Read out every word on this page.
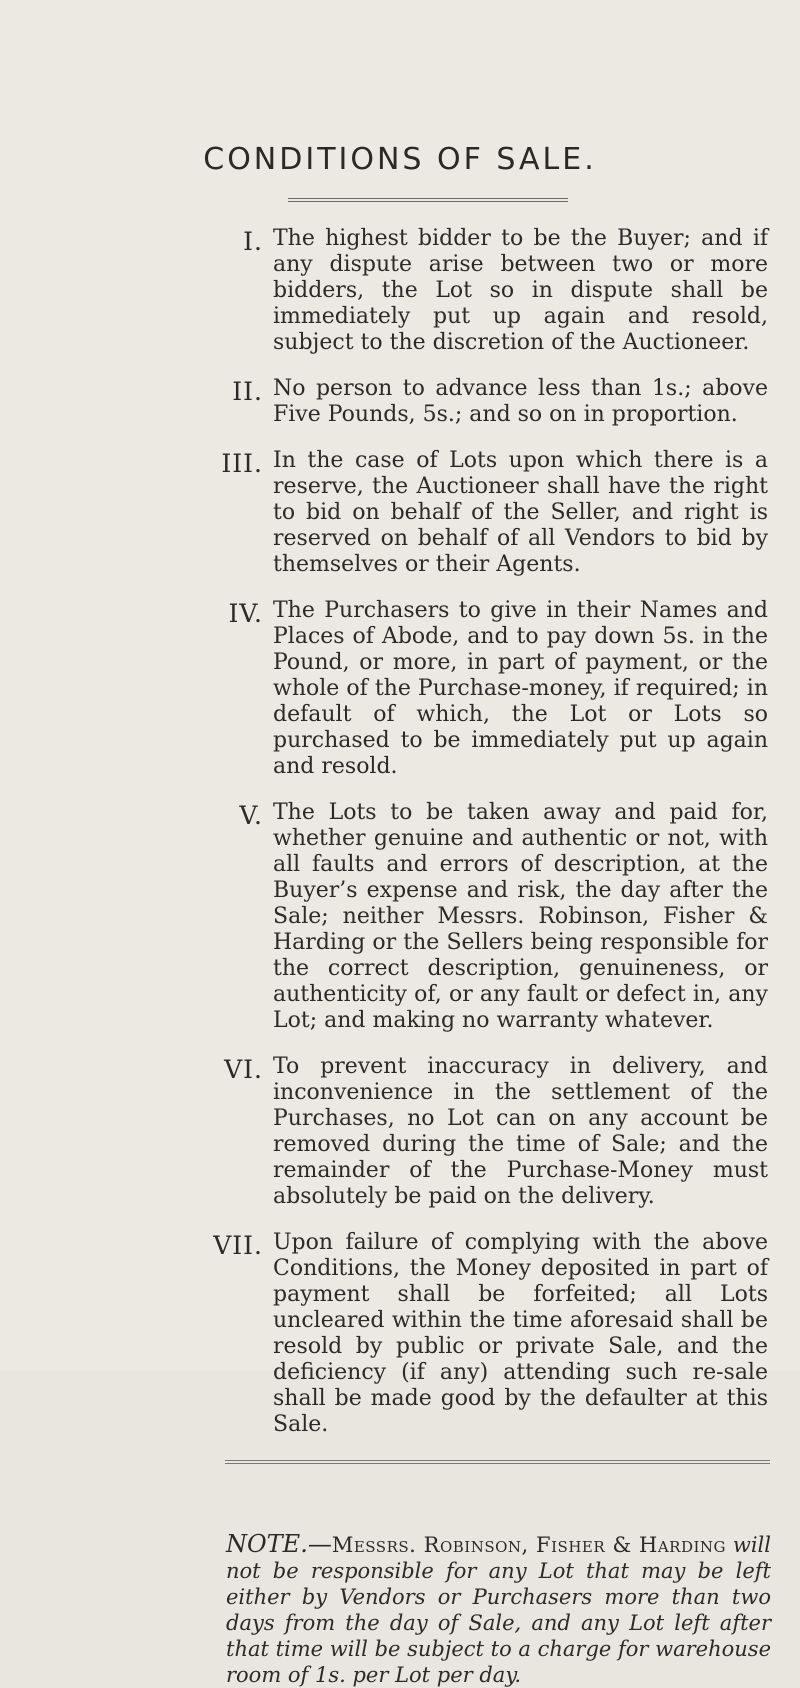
CONDITIONS OF SALE.
I. The highest bidder to be the Buyer; and if any dispute arise between two or more bidders, the Lot so in dispute shall be immediately put up again and resold, subject to the discretion of the Auctioneer.
II. No person to advance less than 1s.; above Five Pounds, 5s.; and so on in proportion.
III. In the case of Lots upon which there is a reserve, the Auctioneer shall have the right to bid on behalf of the Seller, and right is reserved on behalf of all Vendors to bid by themselves or their Agents.
IV. The Purchasers to give in their Names and Places of Abode, and to pay down 5s. in the Pound, or more, in part of payment, or the whole of the Purchase-money, if required; in default of which, the Lot or Lots so purchased to be immediately put up again and resold.
V. The Lots to be taken away and paid for, whether genuine and authentic or not, with all faults and errors of description, at the Buyer’s expense and risk, the day after the Sale; neither Messrs. Robinson, Fisher & Harding or the Sellers being responsible for the correct description, genuineness, or authenticity of, or any fault or defect in, any Lot; and making no warranty whatever.
VI. To prevent inaccuracy in delivery, and inconvenience in the settlement of the Purchases, no Lot can on any account be removed during the time of Sale; and the remainder of the Purchase-Money must absolutely be paid on the delivery.
VII. Upon failure of complying with the above Conditions, the Money deposited in part of payment shall be forfeited; all Lots uncleared within the time aforesaid shall be resold by public or private Sale, and the deficiency (if any) attending such re-sale shall be made good by the defaulter at this Sale.

NOTE.—Messrs. Robinson, Fisher & Harding will not be responsible for any Lot that may be left either by Vendors or Purchasers more than two days from the day of Sale, and any Lot left after that time will be subject to a charge for warehouse room of 1s. per Lot per day.
